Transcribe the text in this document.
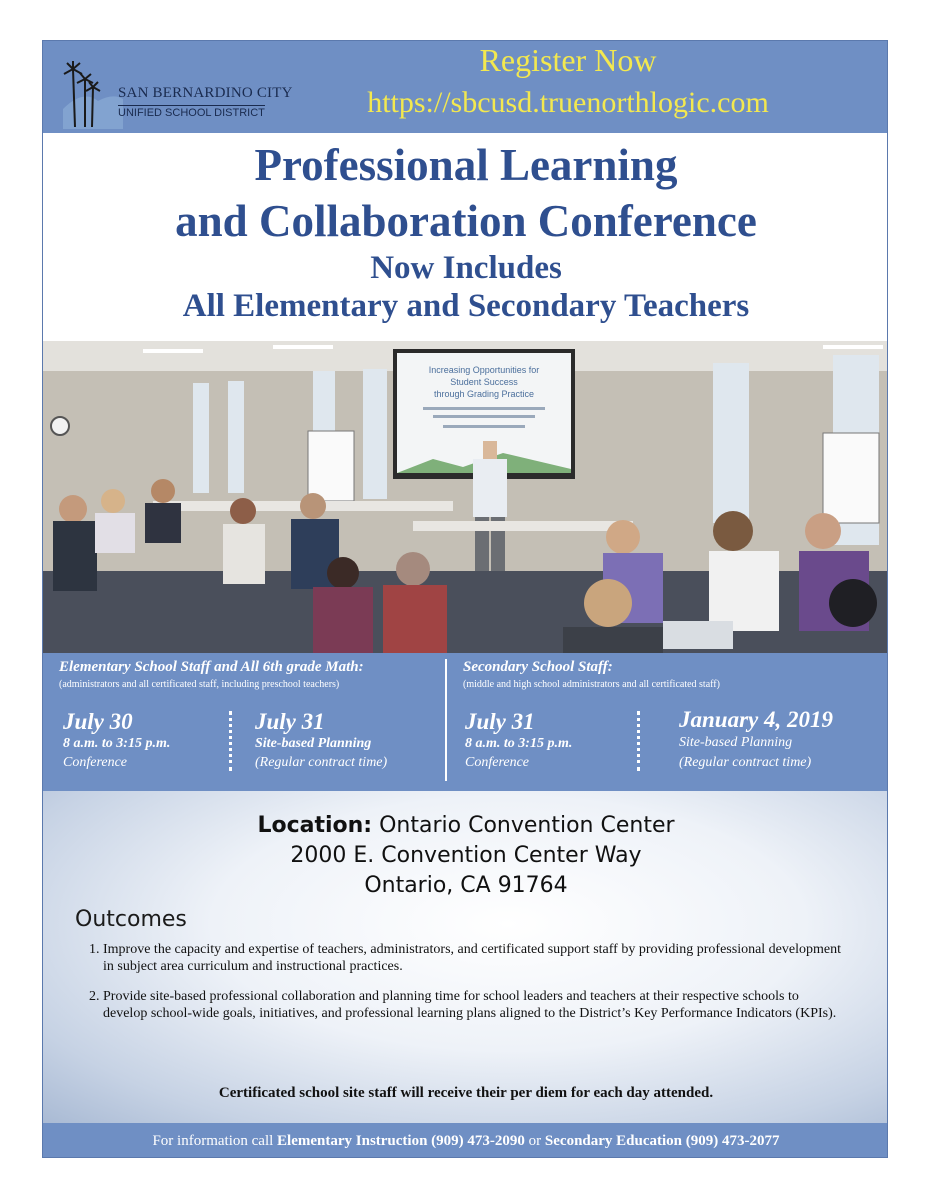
SAN BERNARDINO CITY
UNIFIED SCHOOL DISTRICT
Register Now
https://sbcusd.truenorthlogic.com
Professional Learning
and Collaboration Conference
Now Includes
All Elementary and Secondary Teachers
Increasing Opportunities for
Student Success
through Grading Practice
Elementary School Staff and All 6th grade Math:
(administrators and all certificated staff, including preschool teachers)
Secondary School Staff:
(middle and high school administrators and all certificated staff)
July 30
8 a.m. to 3:15 p.m.
Conference
July 31
Site-based Planning
(Regular contract time)
July 31
8 a.m. to 3:15 p.m.
Conference
January 4, 2019
Site-based Planning
(Regular contract time)
Location: Ontario Convention Center
2000 E. Convention Center Way
Ontario, CA 91764
Outcomes
1. Improve the capacity and expertise of teachers, administrators, and certificated support staff by providing professional development in subject area curriculum and instructional practices.
2. Provide site-based professional collaboration and planning time for school leaders and teachers at their respective schools to develop school-wide goals, initiatives, and professional learning plans aligned to the District’s Key Performance Indicators (KPIs).
Certificated school site staff will receive their per diem for each day attended.
For information call Elementary Instruction (909) 473-2090 or Secondary Education (909) 473-2077
